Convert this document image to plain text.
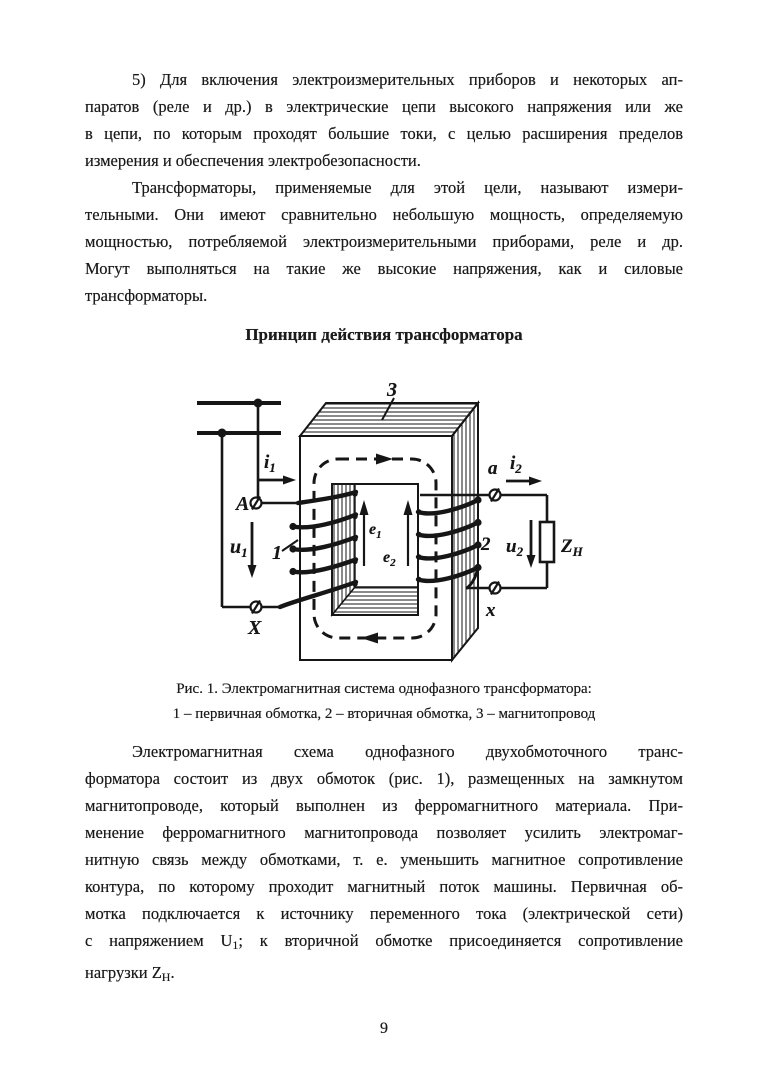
5) Для включения электроизмерительных приборов и некоторых ап-
паратов (реле и др.) в электрические цепи высокого напряжения или же
в цепи, по которым проходят большие токи, с целью расширения пределов
измерения и обеспечения электробезопасности.
Трансформаторы, применяемые для этой цели, называют измери-
тельными. Они имеют сравнительно небольшую мощность, определяемую
мощностью, потребляемой электроизмерительными приборами, реле и др.
Могут выполняться на такие же высокие напряжения, как и силовые
трансформаторы.
Принцип действия трансформатора
$e_1$
$e_2$
A
X
a
x
$i_1$	$i_2$
$u_1$	$u_2$ $Z_Н$
1	2
3
Рис. 1. Электромагнитная система однофазного трансформатора:
1 – первичная обмотка, 2 – вторичная обмотка, 3 – магнитопровод
Электромагнитная схема однофазного двухобмоточного транс-
форматора состоит из двух обмоток (рис. 1), размещенных на замкнутом
магнитопроводе, который выполнен из ферромагнитного материала. При-
менение ферромагнитного магнитопровода позволяет усилить электромаг-
нитную связь между обмотками, т. е. уменьшить магнитное сопротивление
контура, по которому проходит магнитный поток машины. Первичная об-
мотка подключается к источнику переменного тока (электрической сети)
с напряжением U1; к вторичной обмотке присоединяется сопротивление
нагрузки ZН.
9
